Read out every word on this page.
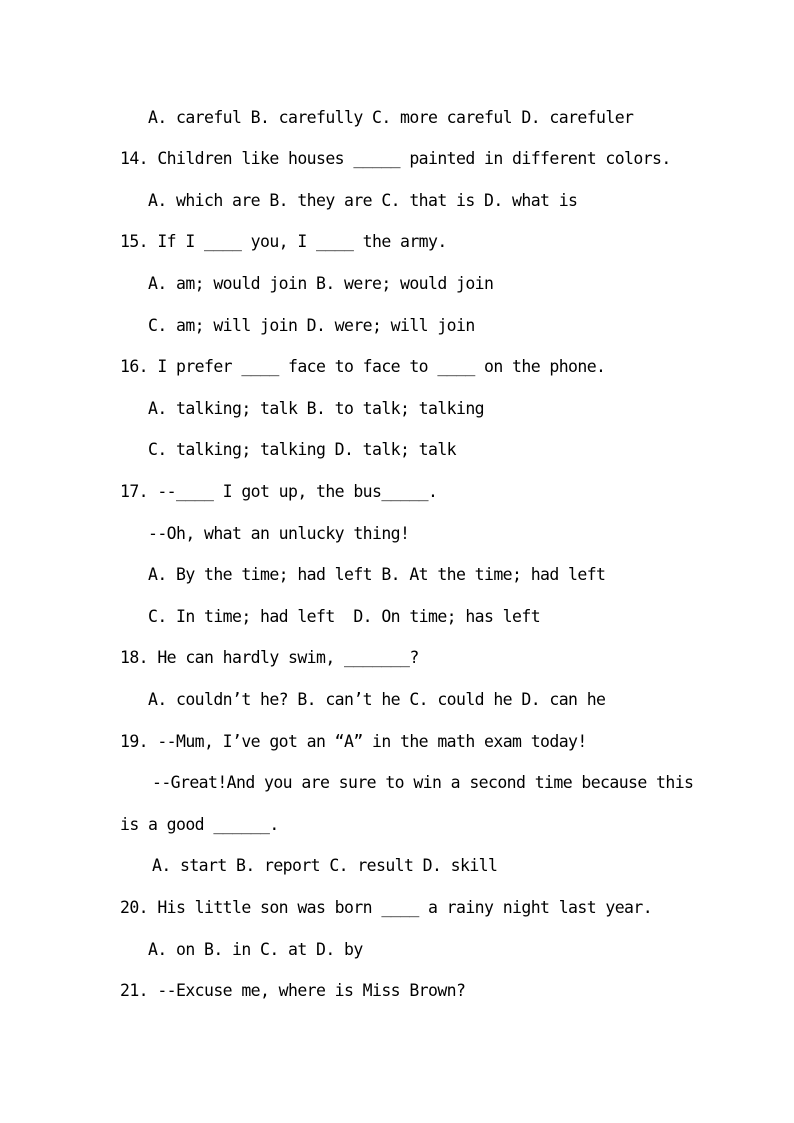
A. careful B. carefully C. more careful D. carefuler
14. Children like houses _____ painted in different colors.
A. which are B. they are C. that is D. what is
15. If I ____ you, I ____ the army.
A. am; would join B. were; would join
C. am; will join D. were; will join
16. I prefer ____ face to face to ____ on the phone.
A. talking; talk B. to talk; talking
C. talking; talking D. talk; talk
17. --____ I got up, the bus_____.
--Oh, what an unlucky thing!
A. By the time; had left B. At the time; had left
C. In time; had left  D. On time; has left
18. He can hardly swim, _______?
A. couldn’t he? B. can’t he C. could he D. can he
19. --Mum, I’ve got an “A” in the math exam today!
--Great!And you are sure to win a second time because this
is a good ______.
A. start B. report C. result D. skill
20. His little son was born ____ a rainy night last year.
A. on B. in C. at D. by
21. --Excuse me, where is Miss Brown?
